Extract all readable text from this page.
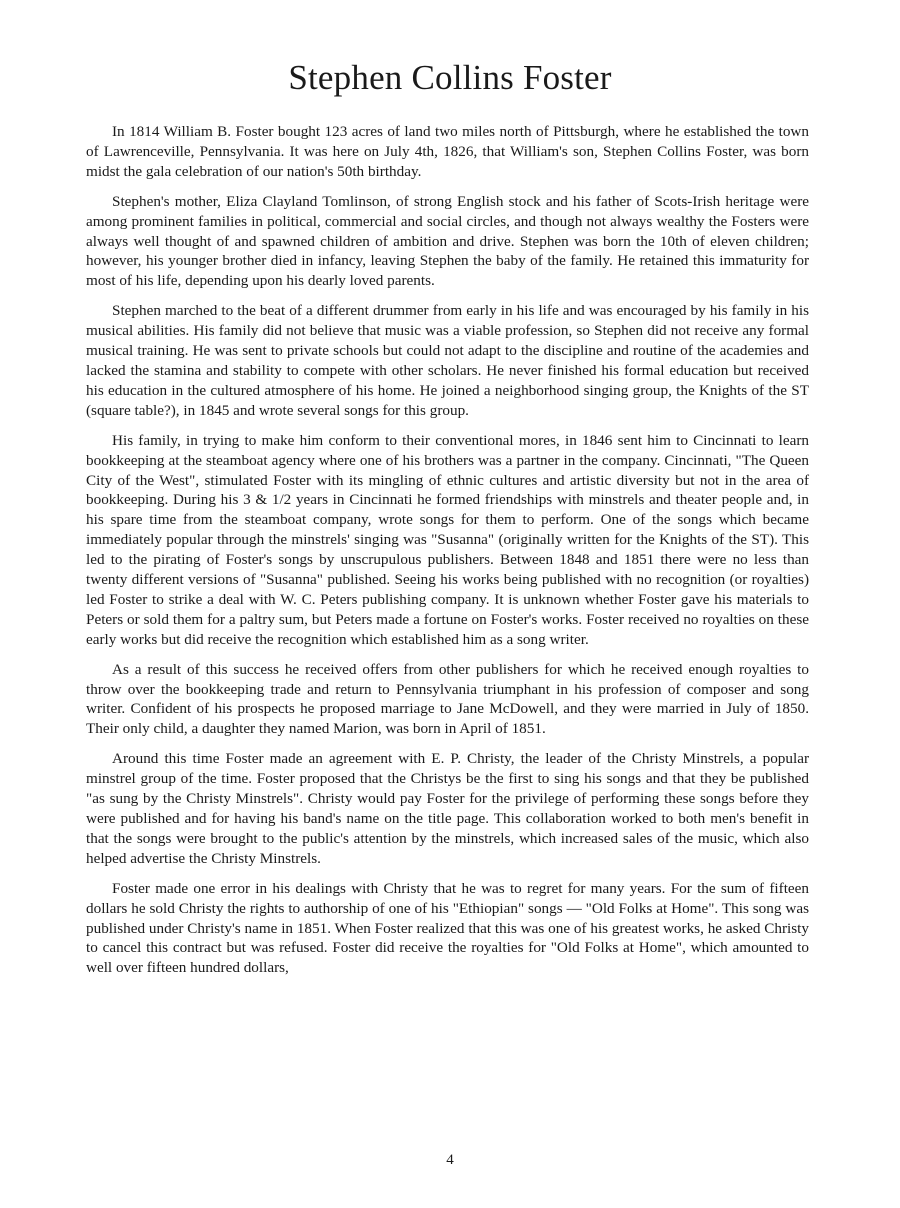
Stephen Collins Foster

In 1814 William B. Foster bought 123 acres of land two miles north of Pittsburgh, where he established the town of Lawrenceville, Pennsylvania. It was here on July 4th, 1826, that William's son, Stephen Collins Foster, was born midst the gala celebration of our nation's 50th birthday.

Stephen's mother, Eliza Clayland Tomlinson, of strong English stock and his father of Scots-Irish heritage were among prominent families in political, commercial and social circles, and though not always wealthy the Fosters were always well thought of and spawned children of ambition and drive. Stephen was born the 10th of eleven children; however, his younger brother died in infancy, leaving Stephen the baby of the family. He retained this immaturity for most of his life, depending upon his dearly loved parents.

Stephen marched to the beat of a different drummer from early in his life and was encouraged by his family in his musical abilities. His family did not believe that music was a viable profession, so Stephen did not receive any formal musical training. He was sent to private schools but could not adapt to the discipline and routine of the academies and lacked the stamina and stability to compete with other scholars. He never finished his formal education but received his education in the cultured atmosphere of his home. He joined a neighborhood singing group, the Knights of the ST (square table?), in 1845 and wrote several songs for this group.

His family, in trying to make him conform to their conventional mores, in 1846 sent him to Cincinnati to learn bookkeeping at the steamboat agency where one of his brothers was a partner in the company. Cincinnati, "The Queen City of the West", stimulated Foster with its mingling of ethnic cultures and artistic diversity but not in the area of bookkeeping. During his 3 & 1/2 years in Cincinnati he formed friendships with minstrels and theater people and, in his spare time from the steamboat company, wrote songs for them to perform. One of the songs which became immediately popular through the minstrels' singing was "Susanna" (originally written for the Knights of the ST). This led to the pirating of Foster's songs by unscrupulous publishers. Between 1848 and 1851 there were no less than twenty different versions of "Susanna" published. Seeing his works being published with no recognition (or royalties) led Foster to strike a deal with W. C. Peters publishing company. It is unknown whether Foster gave his materials to Peters or sold them for a paltry sum, but Peters made a fortune on Foster's works. Foster received no royalties on these early works but did receive the recognition which established him as a song writer.

As a result of this success he received offers from other publishers for which he received enough royalties to throw over the bookkeeping trade and return to Pennsylvania triumphant in his profession of composer and song writer. Confident of his prospects he proposed marriage to Jane McDowell, and they were married in July of 1850. Their only child, a daughter they named Marion, was born in April of 1851.

Around this time Foster made an agreement with E. P. Christy, the leader of the Christy Minstrels, a popular minstrel group of the time. Foster proposed that the Christys be the first to sing his songs and that they be published "as sung by the Christy Minstrels". Christy would pay Foster for the privilege of performing these songs before they were published and for having his band's name on the title page. This collaboration worked to both men's benefit in that the songs were brought to the public's attention by the minstrels, which increased sales of the music, which also helped advertise the Christy Minstrels.

Foster made one error in his dealings with Christy that he was to regret for many years. For the sum of fifteen dollars he sold Christy the rights to authorship of one of his "Ethiopian" songs — "Old Folks at Home". This song was published under Christy's name in 1851. When Foster realized that this was one of his greatest works, he asked Christy to cancel this contract but was refused. Foster did receive the royalties for "Old Folks at Home", which amounted to well over fifteen hundred dollars,

4
